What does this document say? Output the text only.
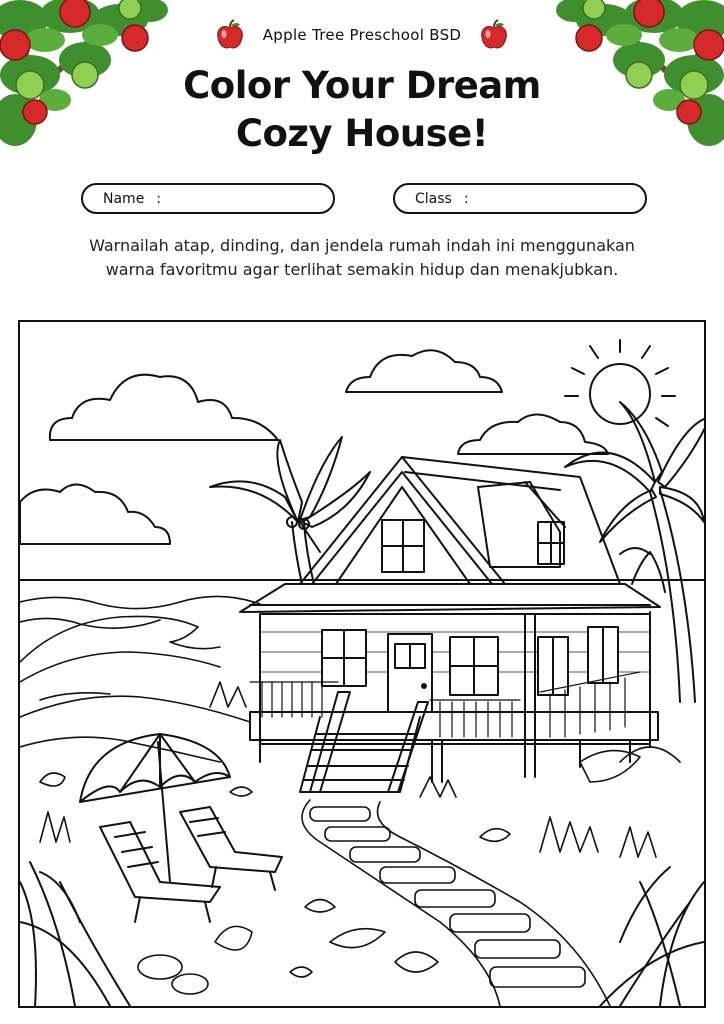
Apple Tree Preschool BSD
Color Your Dream
Cozy House!
Name :	Class :
Warnailah atap, dinding, dan jendela rumah indah ini menggunakan
warna favoritmu agar terlihat semakin hidup dan menakjubkan.
